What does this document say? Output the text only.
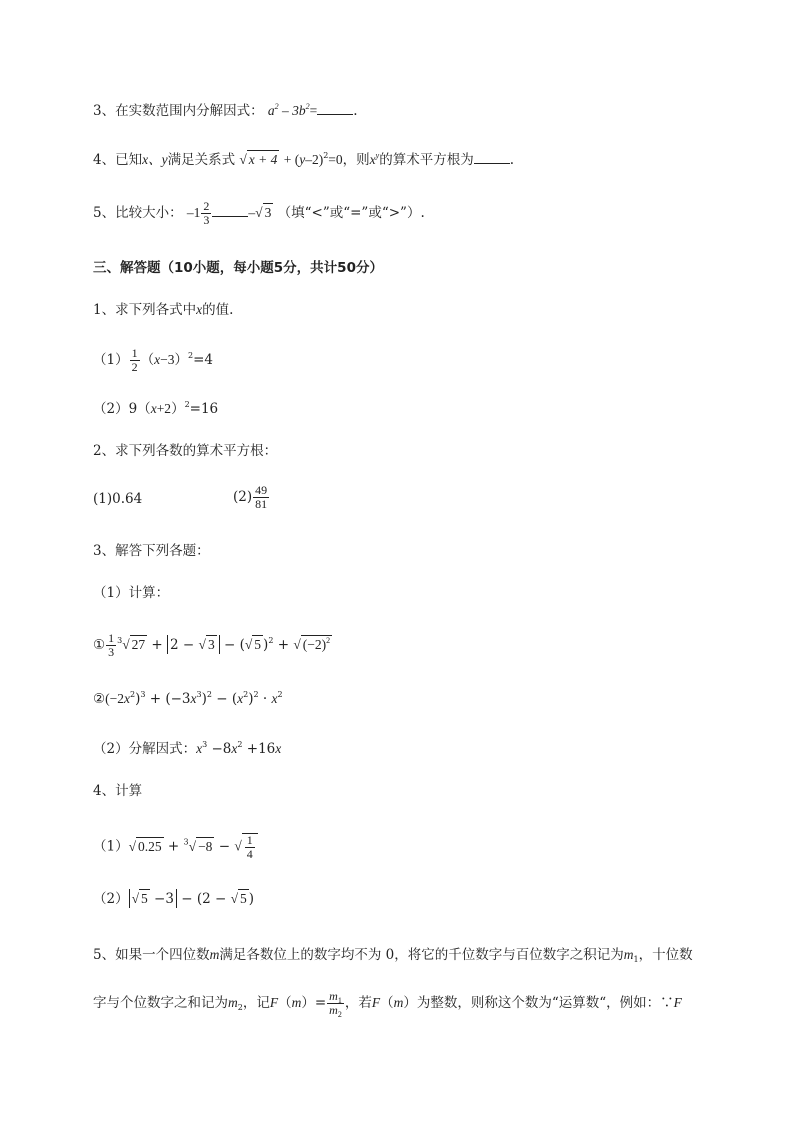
3、在实数范围内分解因式： $a^2 - 3b^2=$	.
4、已知x、y满足关系式 √ $x + 4 + (y-2)^2=0$，则$x^y$的算术平方根为	.
5、比较大小： $-1 \frac{2}{3}$	–√ 3 （填“<”或“=”或“>”）.
三、解答题（10小题，每小题5分，共计50分）
1、求下列各式中x的值.
$(1) \frac{1}{2} (x-3)^2=4$
$(2)9(x+2)^2=16$
2、求下列各数的算术平方根：
(1)0.64	$(2) \frac{49}{81}$
3、解答下列各题：
（1）计算：
① $\frac{1}{3} ^3√$ 27 + 2 − √ 3 − (√ 5 )$^2$ + √ $(-2)^2$
$②(-2x^2)^3 + (-3x^3)^2 - (x^2)^2 \cdot x^2$
（2）分解因式：$x^3 -8x^2 +16x$
4、计算
（1）√ 0.25 + $^3$√ −8 − √ $\frac{1}{4}$
（2） √ 5 −3 − (2 − √ 5 )
5、如果一个四位数m满足各数位上的数字均不为 0，将它的千位数字与百位数字之积记为$m_1$，十位数
字与个位数字之和记为$m_2$，记$F(m)= \frac{m_1}{m_2}$ ，若F（m）为整数，则称这个数为“运算数“，例如：∵F
